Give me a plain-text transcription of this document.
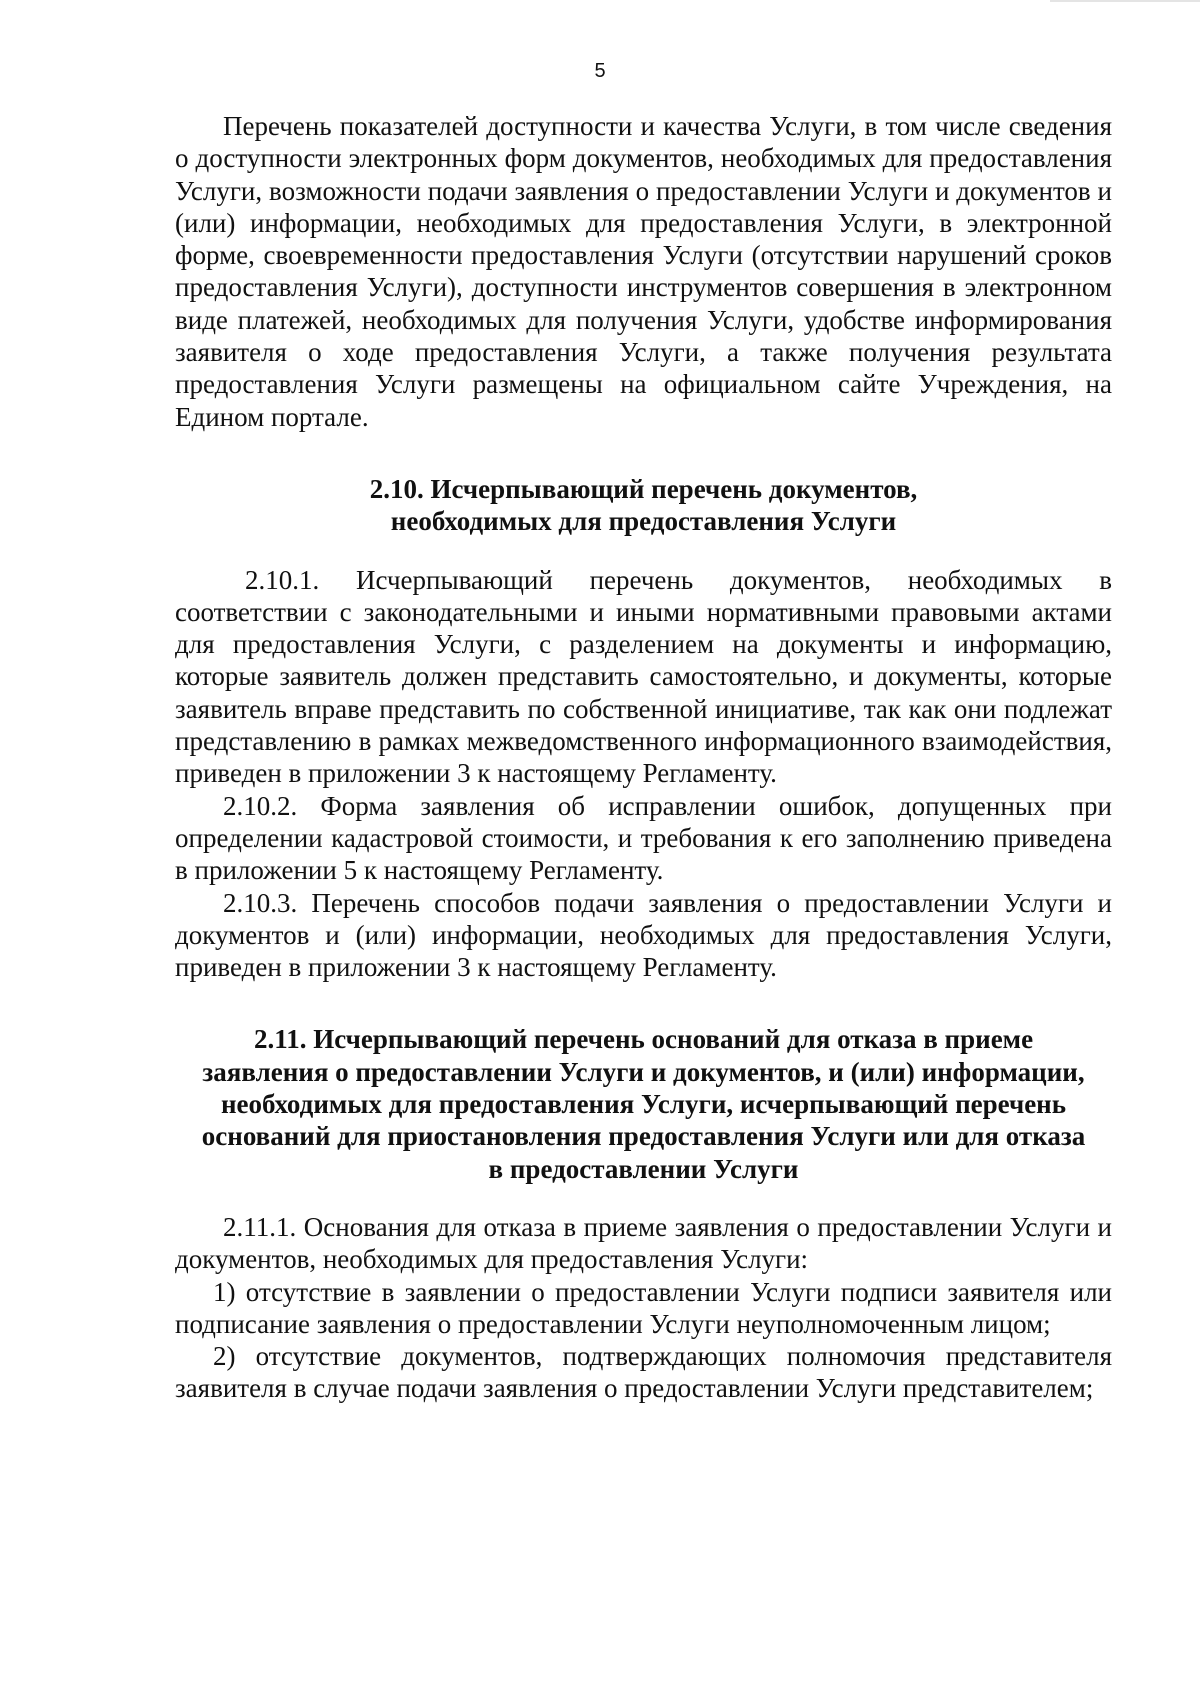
5

Перечень показателей доступности и качества Услуги, в том числе сведения о доступности электронных форм документов, необходимых для предоставления Услуги, возможности подачи заявления о предоставлении Услуги и документов и (или) информации, необходимых для предоставления Услуги, в электронной форме, своевременности предоставления Услуги (отсутствии нарушений сроков предоставления Услуги), доступности инструментов совершения в электронном виде платежей, необходимых для получения Услуги, удобстве информирования заявителя о ходе предоставления Услуги, а также получения результата предоставления Услуги размещены на официальном сайте Учреждения, на Едином портале.

2.10. Исчерпывающий перечень документов,
необходимых для предоставления Услуги

2.10.1. Исчерпывающий перечень документов, необходимых в соответствии с законодательными и иными нормативными правовыми актами для предоставления Услуги, с разделением на документы и информацию, которые заявитель должен представить самостоятельно, и документы, которые заявитель вправе представить по собственной инициативе, так как они подлежат представлению в рамках межведомственного информационного взаимодействия, приведен в приложении 3 к настоящему Регламенту.

2.10.2. Форма заявления об исправлении ошибок, допущенных при определении кадастровой стоимости, и требования к его заполнению приведена в приложении 5 к настоящему Регламенту.

2.10.3. Перечень способов подачи заявления о предоставлении Услуги и документов и (или) информации, необходимых для предоставления Услуги, приведен в приложении 3 к настоящему Регламенту.

2.11. Исчерпывающий перечень оснований для отказа в приеме
заявления о предоставлении Услуги и документов, и (или) информации,
необходимых для предоставления Услуги, исчерпывающий перечень
оснований для приостановления предоставления Услуги или для отказа
в предоставлении Услуги

2.11.1. Основания для отказа в приеме заявления о предоставлении Услуги и документов, необходимых для предоставления Услуги:

1) отсутствие в заявлении о предоставлении Услуги подписи заявителя или подписание заявления о предоставлении Услуги неуполномоченным лицом;

2) отсутствие документов, подтверждающих полномочия представителя заявителя в случае подачи заявления о предоставлении Услуги представителем;
